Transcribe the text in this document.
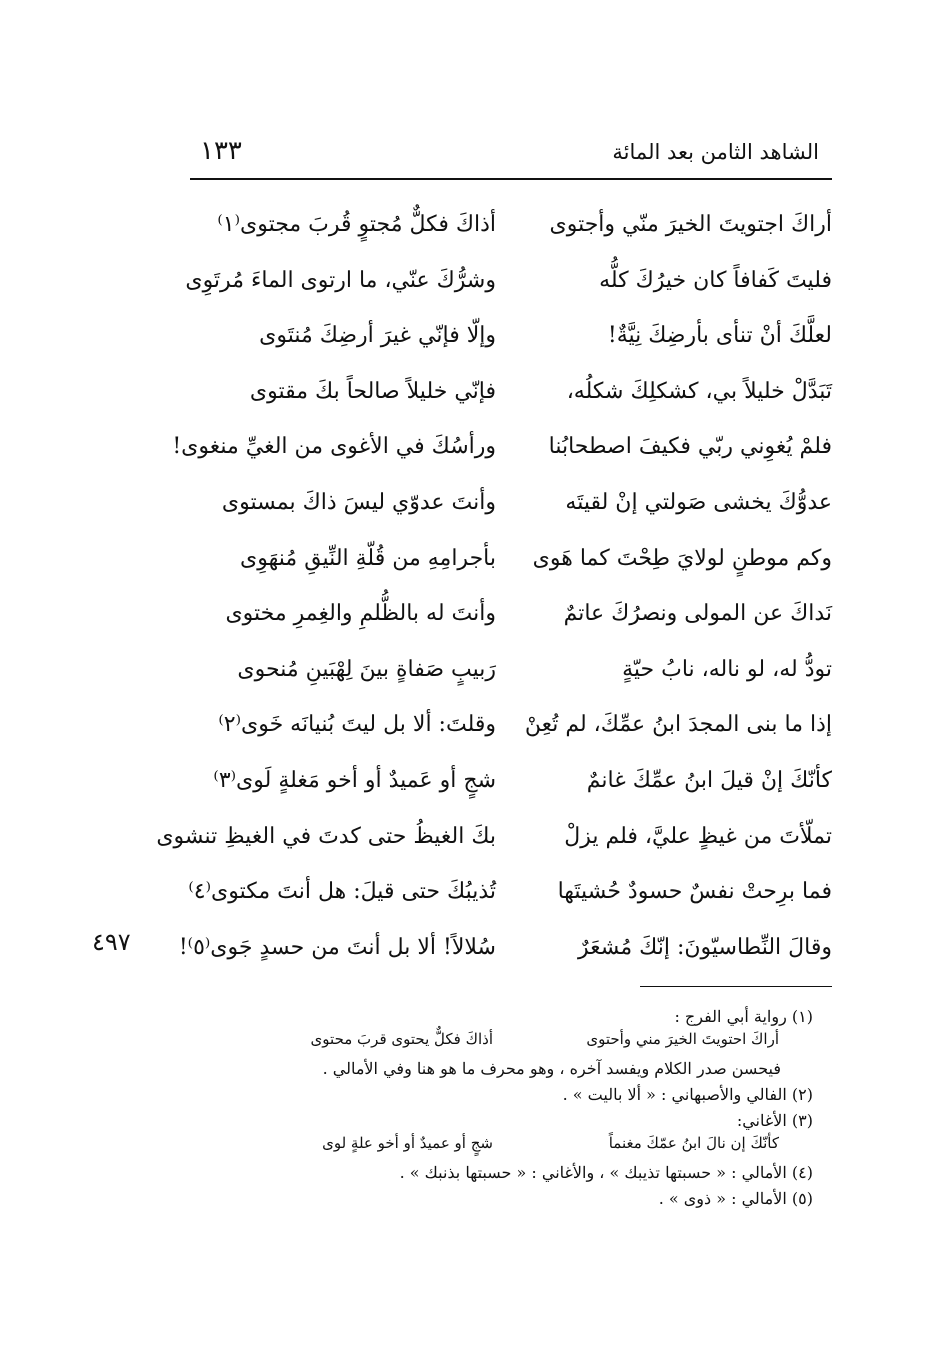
الشاهد الثامن بعد المائة
١٣٣
أراكَ اجتويتَ الخيرَ منّي وأجتوى
أذاكَ فكلٌّ مُجتوٍ قُربَ مجتوى⁽١⁾
فليتَ كَفافاً كان خيرُكَ كلُّه
وشرُّكَ عنّي، ما ارتوى الماءَ مُرتَوِى
لعلَّكَ أنْ تنأى بأرضِكَ نِيَّةٌ!
وإلّا فإنّي غيرَ أرضِكَ مُنتَوى
تَبَدَّلْ خليلاً بي، كشكلِكَ شكلُه،
فإنّي خليلاً صالحاً بكَ مقتوى
فلمْ يُغوِني ربّي فكيفَ اصطحابُنا
ورأسُكَ في الأغوى من الغيِّ منغوى!
عدوُّكَ يخشى صَولتي إنْ لقيتَه
وأنتَ عدوّي ليسَ ذاكَ بمستوى
وكم موطنٍ لولايَ طِحْتَ كما هَوى
بأجرامِهِ من قُلّةِ النِّيقِ مُنهَوِى
نَداكَ عن المولى ونصرُكَ عاتمٌ
وأنتَ له بالظُّلمِ والغِمرِ مختوى
تودُّ له، لو ناله، نابُ حيّةٍ
رَبيبٍ صَفاةٍ بينَ لِهْبَينِ مُنحوى
إذا ما بنى المجدَ ابنُ عمِّكَ، لم تُعِنْ
وقلتَ: ألا بل ليتَ بُنيانَه خَوى⁽٢⁾
كأنّكَ إنْ قيلَ ابنُ عمِّكَ غانمٌ
شجٍ أو عَميدٌ أو أخو مَغلةٍ لَوى⁽٣⁾
تملّأتَ من غيظٍ عليَّ، فلم يزلْ
بكَ الغيظُ حتى كدتَ في الغيظِ تنشوى
فما برِحتْ نفسٌ حسودٌ حُشيتَها
تُذيبُكَ حتى قيلَ: هل أنتَ مكتوى⁽٤⁾
وقالَ النِّطاسيّونَ: إنّكَ مُشعَرٌ
سُلالاً! ألا بل أنتَ من حسدٍ جَوى⁽٥⁾!
٤٩٧
(١) رواية أبي الفرج :
أراكَ احتويتَ الخيرَ مني وأحتوى
أذاكَ فكلٌّ يحتوى قربَ محتوى
فيحسن صدر الكلام ويفسد آخره ، وهو محرف ما هو هنا وفي الأمالي .
(٢) الفالي والأصبهاني : « ألا باليت » .
(٣) الأغاني:
كأنّكَ إن نالَ ابنُ عمّكَ مغنماً
شجٍ أو عميدٌ أو أخو علةٍ لوى
(٤) الأمالي : « حسبتها تذيبك » ، والأغاني : « حسبتها بذنبك » .
(٥) الأمالي : « ذوى » .
